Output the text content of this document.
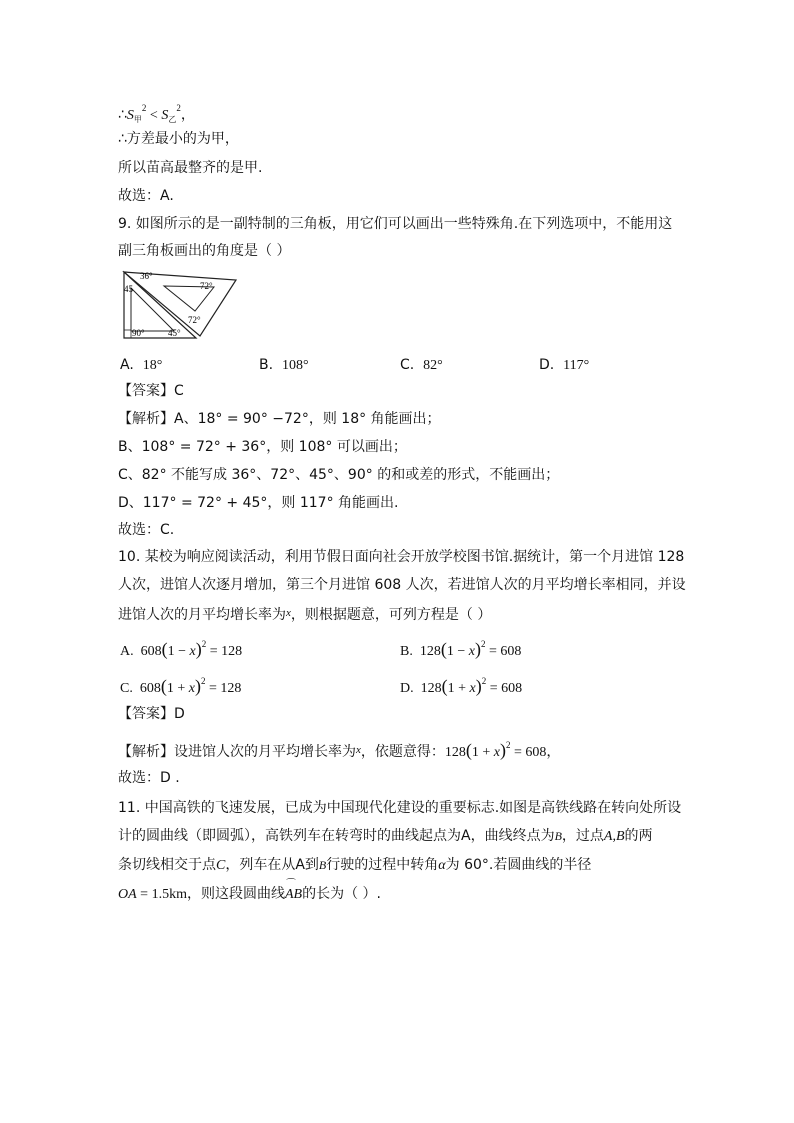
$\therefore S_甲^2 < S_乙^2$，
∴方差最小的为甲，
所以苗高最整齐的是甲.
故选：A.
9. 如图所示的是一副特制的三角板，用它们可以画出一些特殊角.在下列选项中，不能用这
副三角板画出的角度是（ ）
36°
45	72°
72°
90°	45°
A. 18°	B. 108°	C. 82°	D. 117°
【答案】C
【解析】A、18° = 90° −72°，则 18° 角能画出；
B、108° = 72° + 36°，则 108° 可以画出；
C、82° 不能写成 36°、72°、45°、90° 的和或差的形式，不能画出；
D、117° = 72° + 45°，则 117° 角能画出.
故选：C.
10. 某校为响应阅读活动，利用节假日面向社会开放学校图书馆.据统计，第一个月进馆 128
人次，进馆人次逐月增加，第三个月进馆 608 人次，若进馆人次的月平均增长率相同，并设
进馆人次的月平均增长率为$^x$，则根据题意，可列方程是（ ）
A. $608(1 - x)^2 = 128$	B. $128(1 - x)^2 = 608$
C. $608(1 + x)^2 = 128$	D. $128(1 + x)^2 = 608$
【答案】D
【解析】设进馆人次的月平均增长率为$^x$，依题意得：$128(1 + x)^2 = 608$，
故选：D .
11. 中国高铁的飞速发展，已成为中国现代化建设的重要标志.如图是高铁线路在转向处所设
计的圆曲线（即圆弧），高铁列车在转弯时的曲线起点为A，曲线终点为B，过点A,B的两
条切线相交于点C，列车在从A到B行驶的过程中转角α为 60°.若圆曲线的半径
OA = 1.5km，则这段圆曲线
⌒
AB的长为（ ）.
